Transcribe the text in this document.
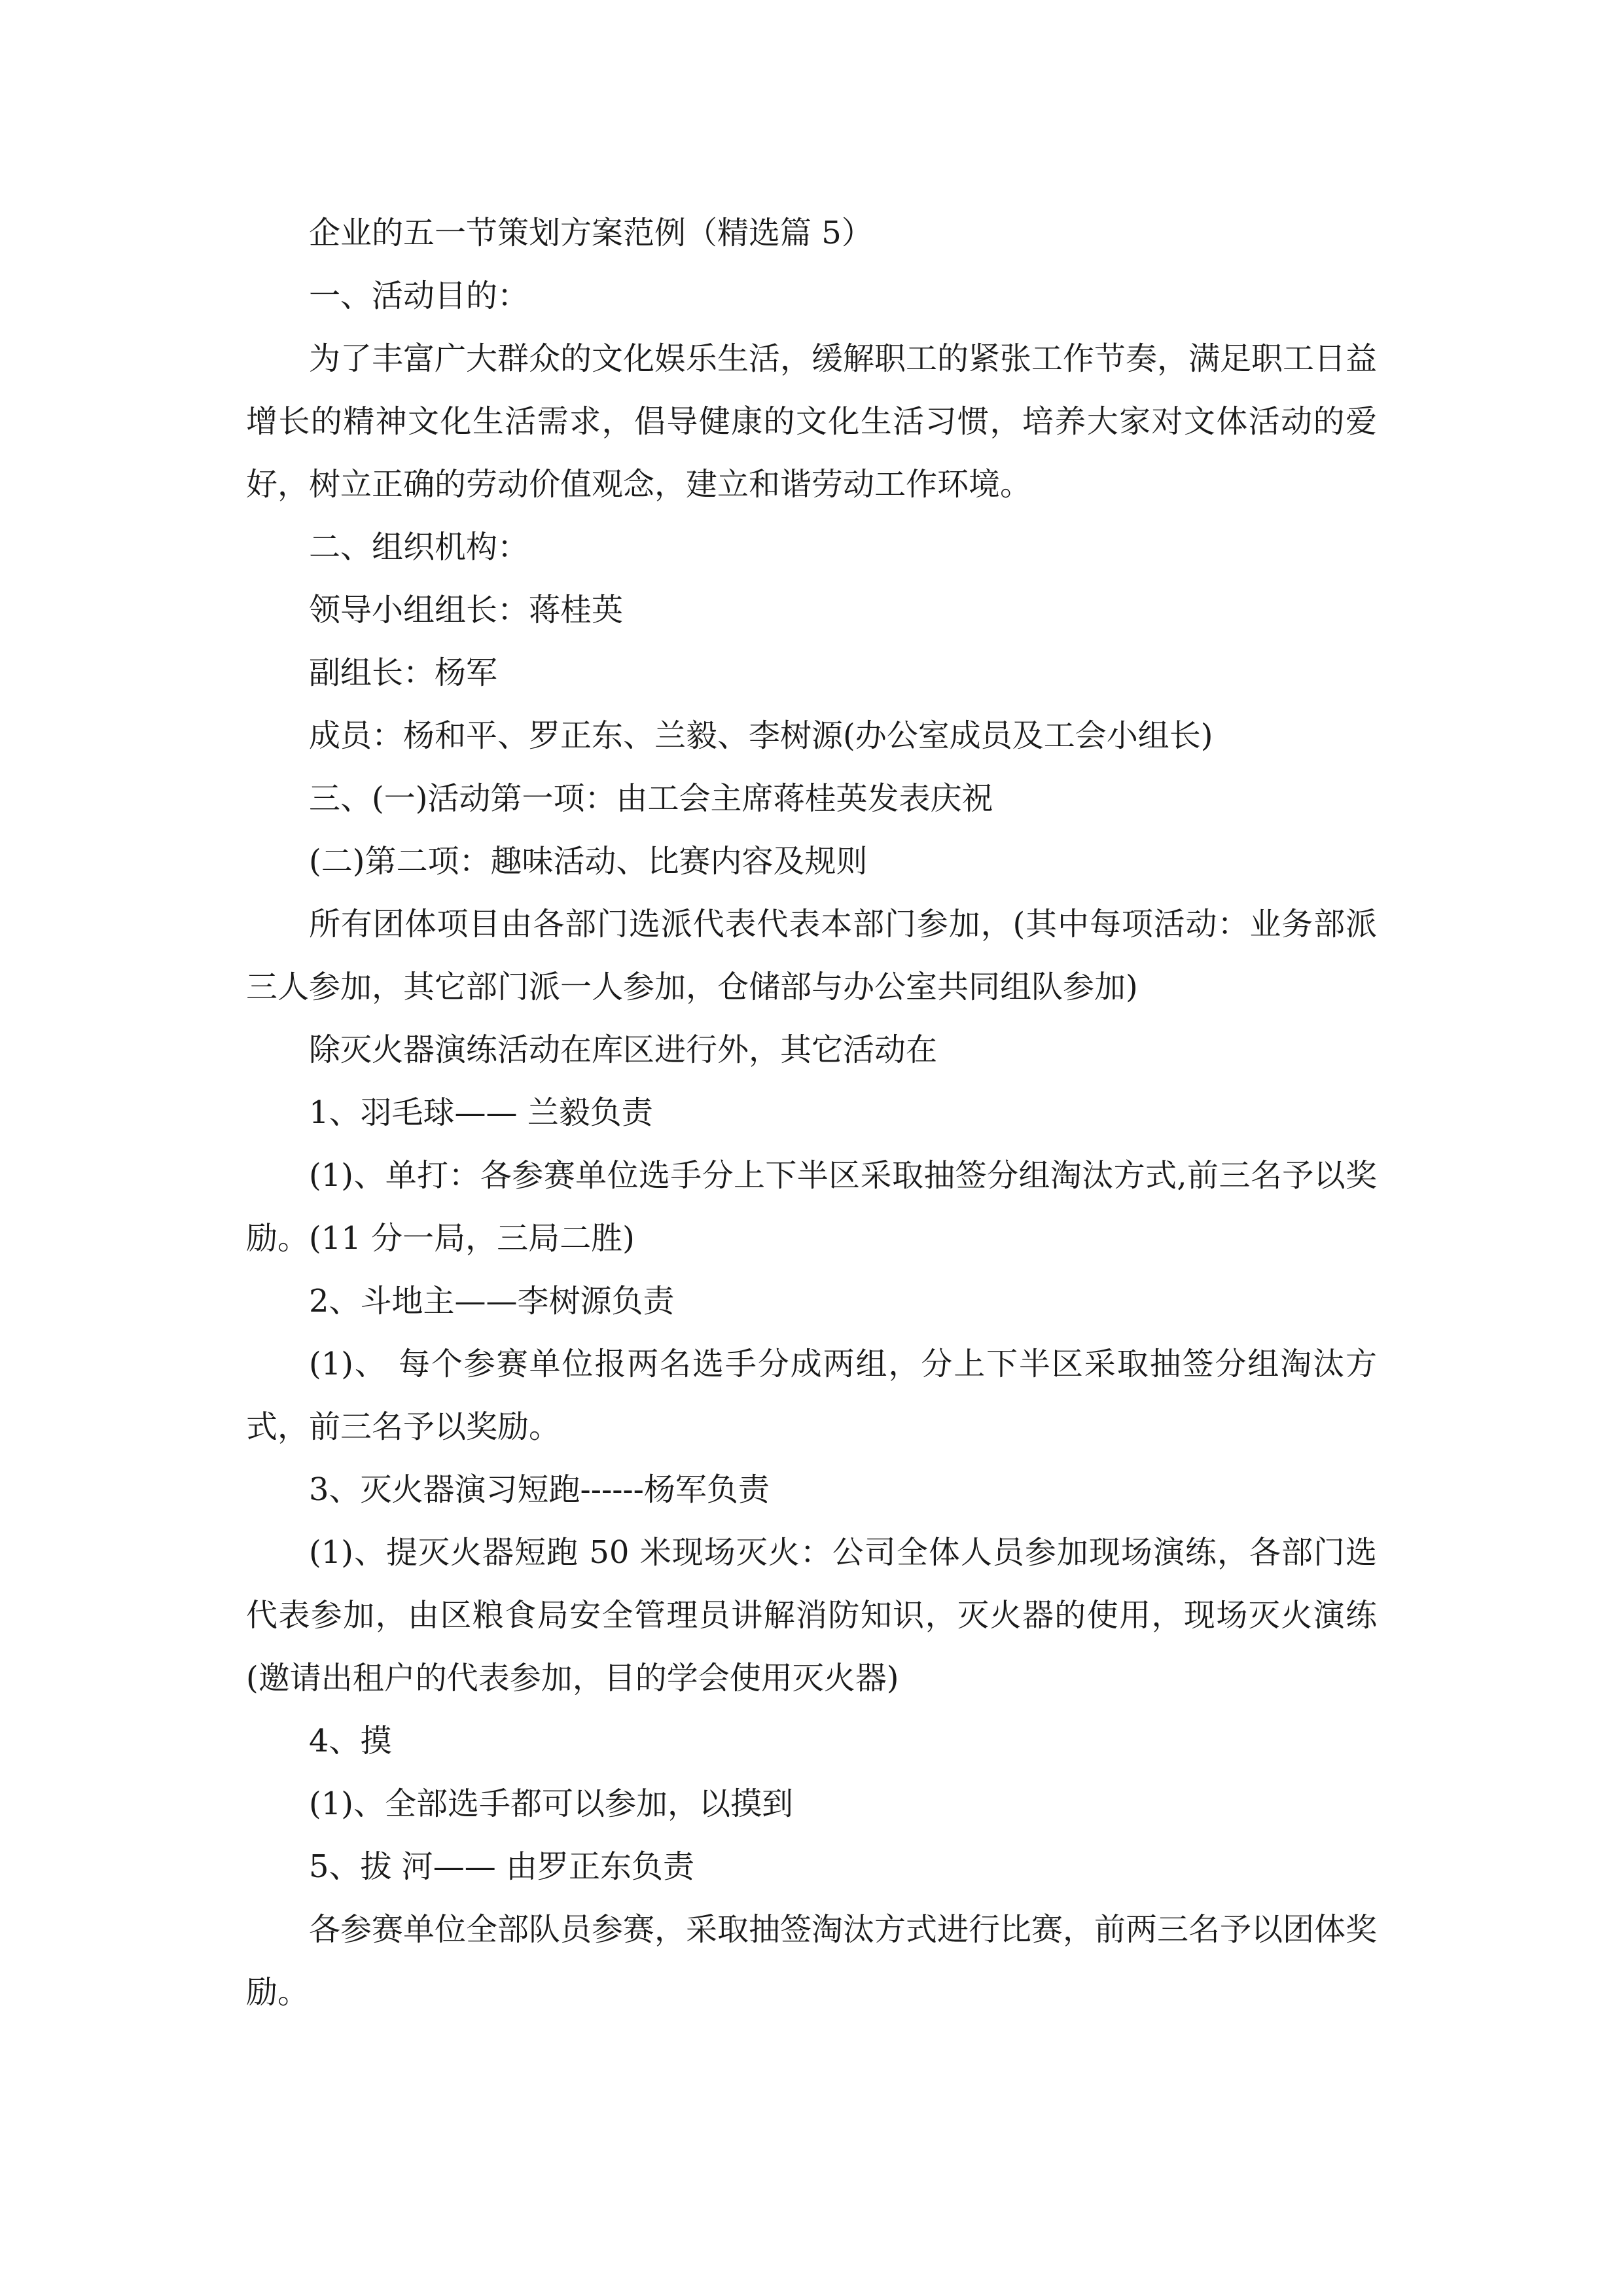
企业的五一节策划方案范例（精选篇 5）

一、活动目的：

为了丰富广大群众的文化娱乐生活，缓解职工的紧张工作节奏，满足职工日益增长的精神文化生活需求，倡导健康的文化生活习惯，培养大家对文体活动的爱好，树立正确的劳动价值观念，建立和谐劳动工作环境。

二、组织机构：

领导小组组长：蒋桂英

副组长：杨军

成员：杨和平、罗正东、兰毅、李树源(办公室成员及工会小组长)

三、(一)活动第一项：由工会主席蒋桂英发表庆祝

(二)第二项：趣味活动、比赛内容及规则

所有团体项目由各部门选派代表代表本部门参加，(其中每项活动：业务部派三人参加，其它部门派一人参加，仓储部与办公室共同组队参加)

除灭火器演练活动在库区进行外，其它活动在

1、羽毛球—— 兰毅负责

(1)、单打：各参赛单位选手分上下半区采取抽签分组淘汰方式,前三名予以奖励。(11 分一局，三局二胜)

2、斗地主——李树源负责

(1)、 每个参赛单位报两名选手分成两组，分上下半区采取抽签分组淘汰方式，前三名予以奖励。

3、灭火器演习短跑------杨军负责

(1)、提灭火器短跑 50 米现场灭火：公司全体人员参加现场演练，各部门选代表参加，由区粮食局安全管理员讲解消防知识，灭火器的使用，现场灭火演练(邀请出租户的代表参加，目的学会使用灭火器)

4、摸

(1)、全部选手都可以参加，以摸到

5、拔 河—— 由罗正东负责

各参赛单位全部队员参赛，采取抽签淘汰方式进行比赛，前两三名予以团体奖励。
